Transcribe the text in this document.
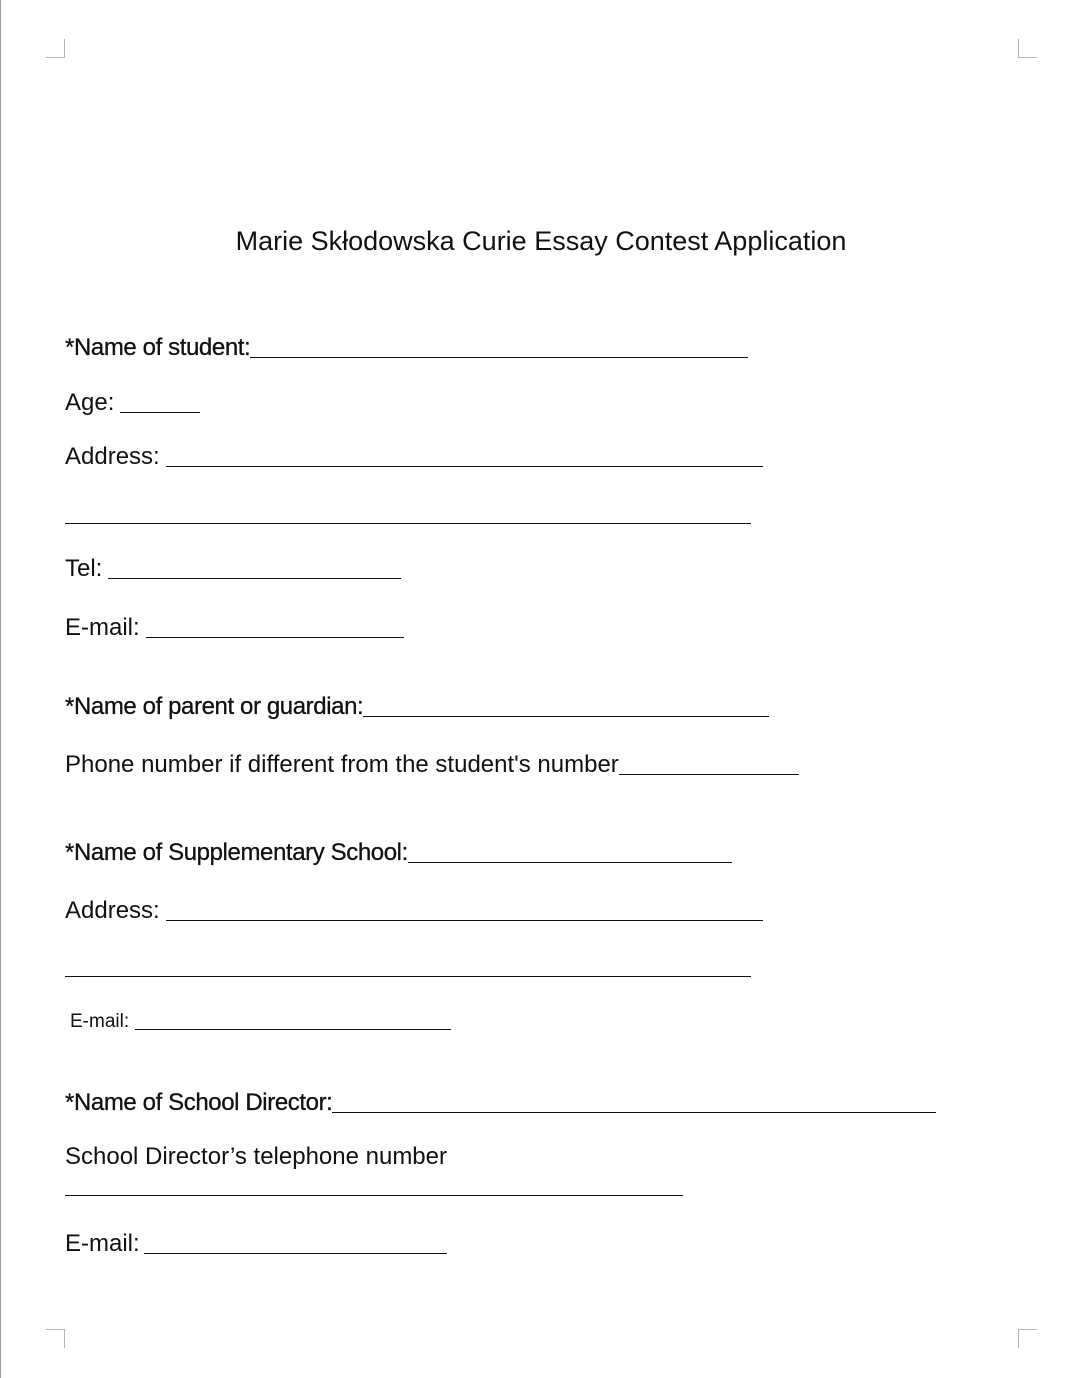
Marie Skłodowska Curie Essay Contest Application
*Name of student:
Age:
Address:
Tel:
E-mail:
*Name of parent or guardian:
Phone number if different from the student's number
*Name of Supplementary School:
Address:
E-mail:
*Name of School Director:
School Director’s telephone number
E-mail:
